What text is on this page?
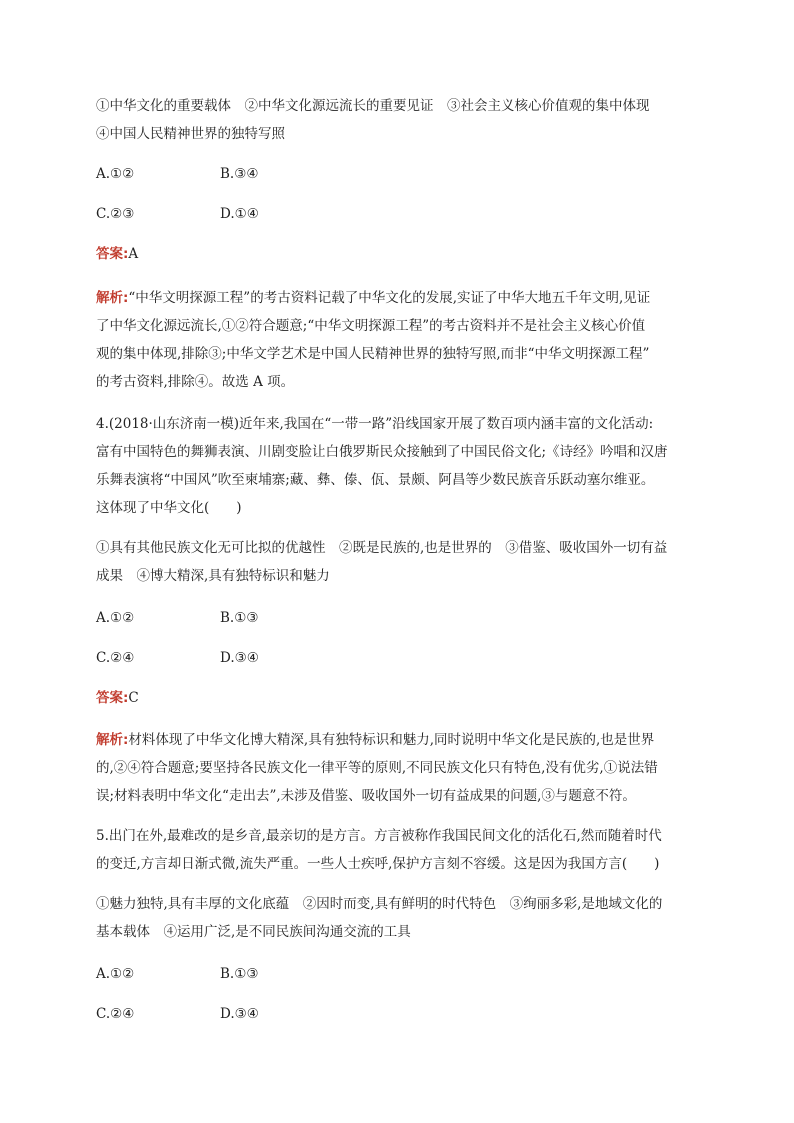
①中华文化的重要载体　②中华文化源远流长的重要见证　③社会主义核心价值观的集中体现
④中国人民精神世界的独特写照
A.①②	B.③④
C.②③	D.①④
答案:A
解析:“中华文明探源工程”的考古资料记载了中华文化的发展,实证了中华大地五千年文明,见证
了中华文化源远流长,①②符合题意;“中华文明探源工程”的考古资料并不是社会主义核心价值
观的集中体现,排除③;中华文学艺术是中国人民精神世界的独特写照,而非“中华文明探源工程”
的考古资料,排除④。故选 A 项。
4.(2018·山东济南一模)近年来,我国在“一带一路”沿线国家开展了数百项内涵丰富的文化活动:
富有中国特色的舞狮表演、川剧变脸让白俄罗斯民众接触到了中国民俗文化;《诗经》吟唱和汉唐
乐舞表演将“中国风”吹至柬埔寨;藏、彝、傣、佤、景颇、阿昌等少数民族音乐跃动塞尔维亚。
这体现了中华文化(　　)
①具有其他民族文化无可比拟的优越性　②既是民族的,也是世界的　③借鉴、吸收国外一切有益
成果　④博大精深,具有独特标识和魅力
A.①②	B.①③
C.②④	D.③④
答案:C
解析:材料体现了中华文化博大精深,具有独特标识和魅力,同时说明中华文化是民族的,也是世界
的,②④符合题意;要坚持各民族文化一律平等的原则,不同民族文化只有特色,没有优劣,①说法错
误;材料表明中华文化“走出去”,未涉及借鉴、吸收国外一切有益成果的问题,③与题意不符。
5.出门在外,最难改的是乡音,最亲切的是方言。方言被称作我国民间文化的活化石,然而随着时代
的变迁,方言却日渐式微,流失严重。一些人士疾呼,保护方言刻不容缓。这是因为我国方言(　　)
①魅力独特,具有丰厚的文化底蕴　②因时而变,具有鲜明的时代特色　③绚丽多彩,是地域文化的
基本载体　④运用广泛,是不同民族间沟通交流的工具
A.①②	B.①③
C.②④	D.③④
